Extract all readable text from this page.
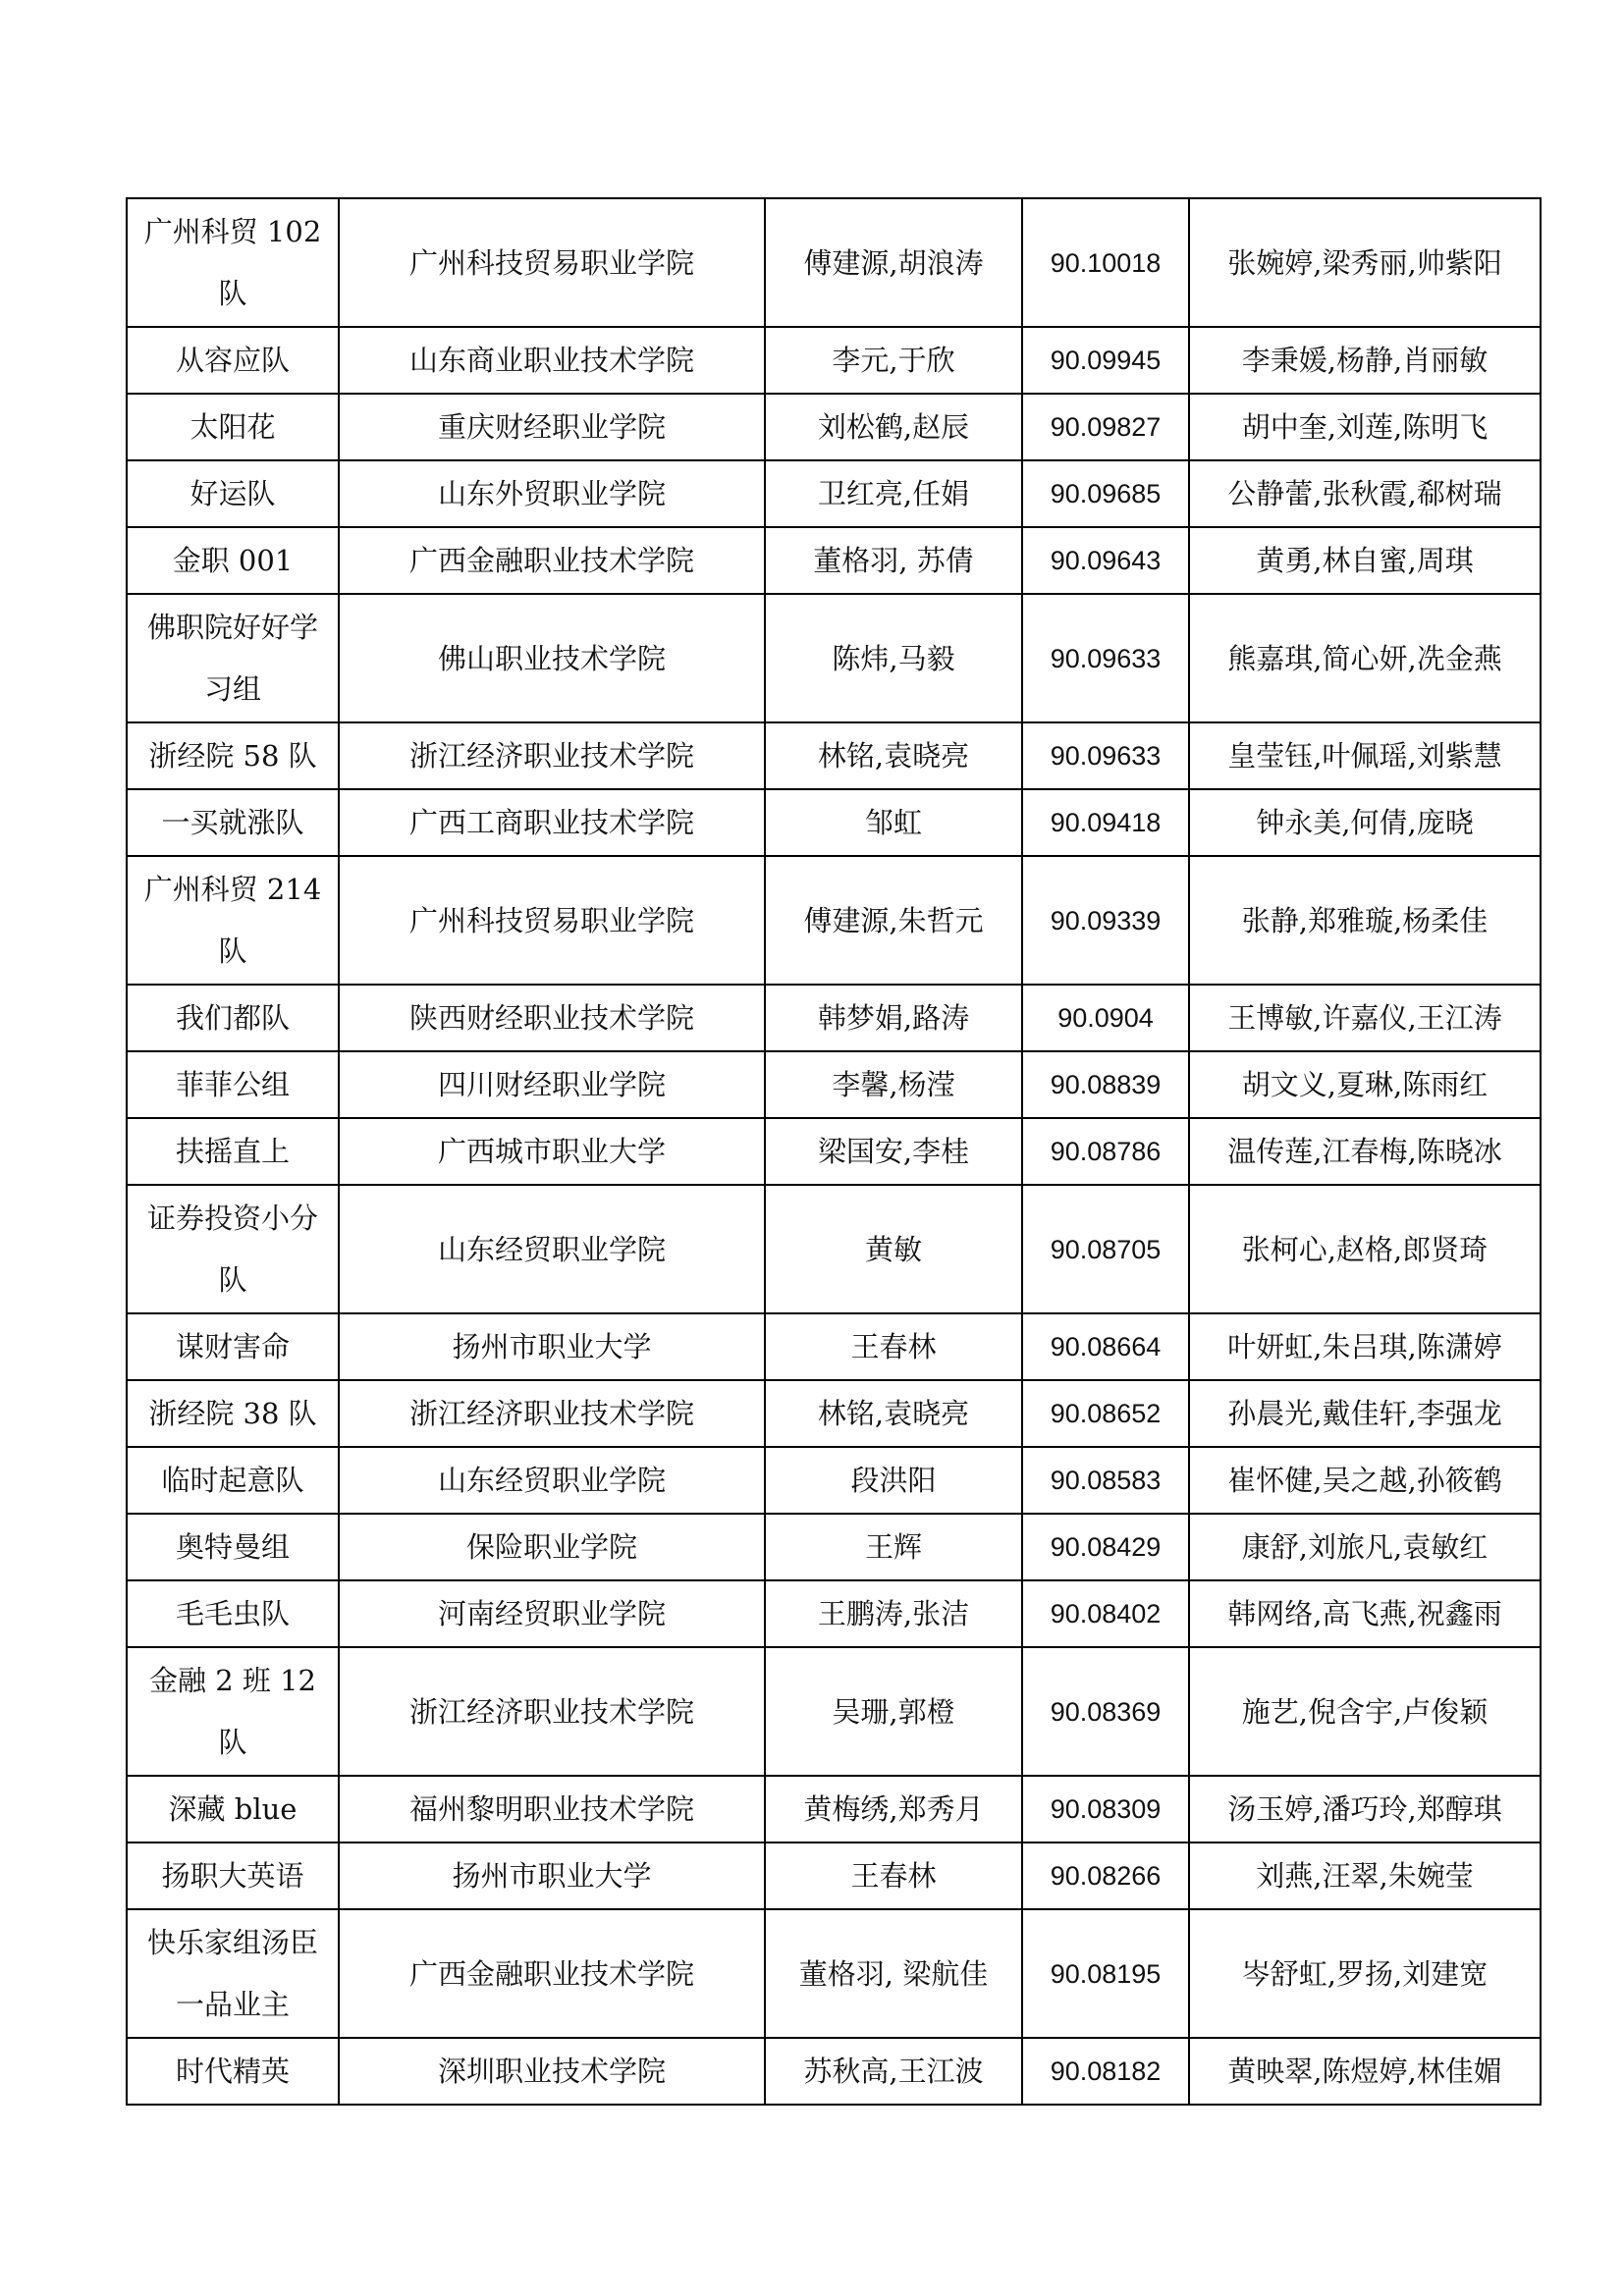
广州科贸 102 队	广州科技贸易职业学院	傅建源,胡浪涛	90.10018	张婉婷,梁秀丽,帅紫阳
从容应队	山东商业职业技术学院	李元,于欣	90.09945	李秉媛,杨静,肖丽敏
太阳花	重庆财经职业学院	刘松鹤,赵辰	90.09827	胡中奎,刘莲,陈明飞
好运队	山东外贸职业学院	卫红亮,任娟	90.09685	公静蕾,张秋霞,郗树瑞
金职 001	广西金融职业技术学院	董格羽, 苏倩	90.09643	黄勇,林自蜜,周琪
佛职院好好学习组	佛山职业技术学院	陈炜,马毅	90.09633	熊嘉琪,简心妍,冼金燕
浙经院 58 队	浙江经济职业技术学院	林铭,袁晓亮	90.09633	皇莹钰,叶佩瑶,刘紫慧
一买就涨队	广西工商职业技术学院	邹虹	90.09418	钟永美,何倩,庞晓
广州科贸 214 队	广州科技贸易职业学院	傅建源,朱哲元	90.09339	张静,郑雅璇,杨柔佳
我们都队	陕西财经职业技术学院	韩梦娟,路涛	90.0904	王博敏,许嘉仪,王江涛
菲菲公组	四川财经职业学院	李馨,杨滢	90.08839	胡文义,夏琳,陈雨红
扶摇直上	广西城市职业大学	梁国安,李桂	90.08786	温传莲,江春梅,陈晓冰
证券投资小分队	山东经贸职业学院	黄敏	90.08705	张柯心,赵格,郎贤琦
谋财害命	扬州市职业大学	王春林	90.08664	叶妍虹,朱吕琪,陈潇婷
浙经院 38 队	浙江经济职业技术学院	林铭,袁晓亮	90.08652	孙晨光,戴佳轩,李强龙
临时起意队	山东经贸职业学院	段洪阳	90.08583	崔怀健,吴之越,孙筱鹤
奥特曼组	保险职业学院	王辉	90.08429	康舒,刘旅凡,袁敏红
毛毛虫队	河南经贸职业学院	王鹏涛,张洁	90.08402	韩网络,高飞燕,祝鑫雨
金融 2 班 12 队	浙江经济职业技术学院	吴珊,郭橙	90.08369	施艺,倪含宇,卢俊颖
深藏 blue	福州黎明职业技术学院	黄梅绣,郑秀月	90.08309	汤玉婷,潘巧玲,郑醇琪
扬职大英语	扬州市职业大学	王春林	90.08266	刘燕,汪翠,朱婉莹
快乐家组汤臣一品业主	广西金融职业技术学院	董格羽, 梁航佳	90.08195	岑舒虹,罗扬,刘建宽
时代精英	深圳职业技术学院	苏秋高,王江波	90.08182	黄映翠,陈煜婷,林佳媚
